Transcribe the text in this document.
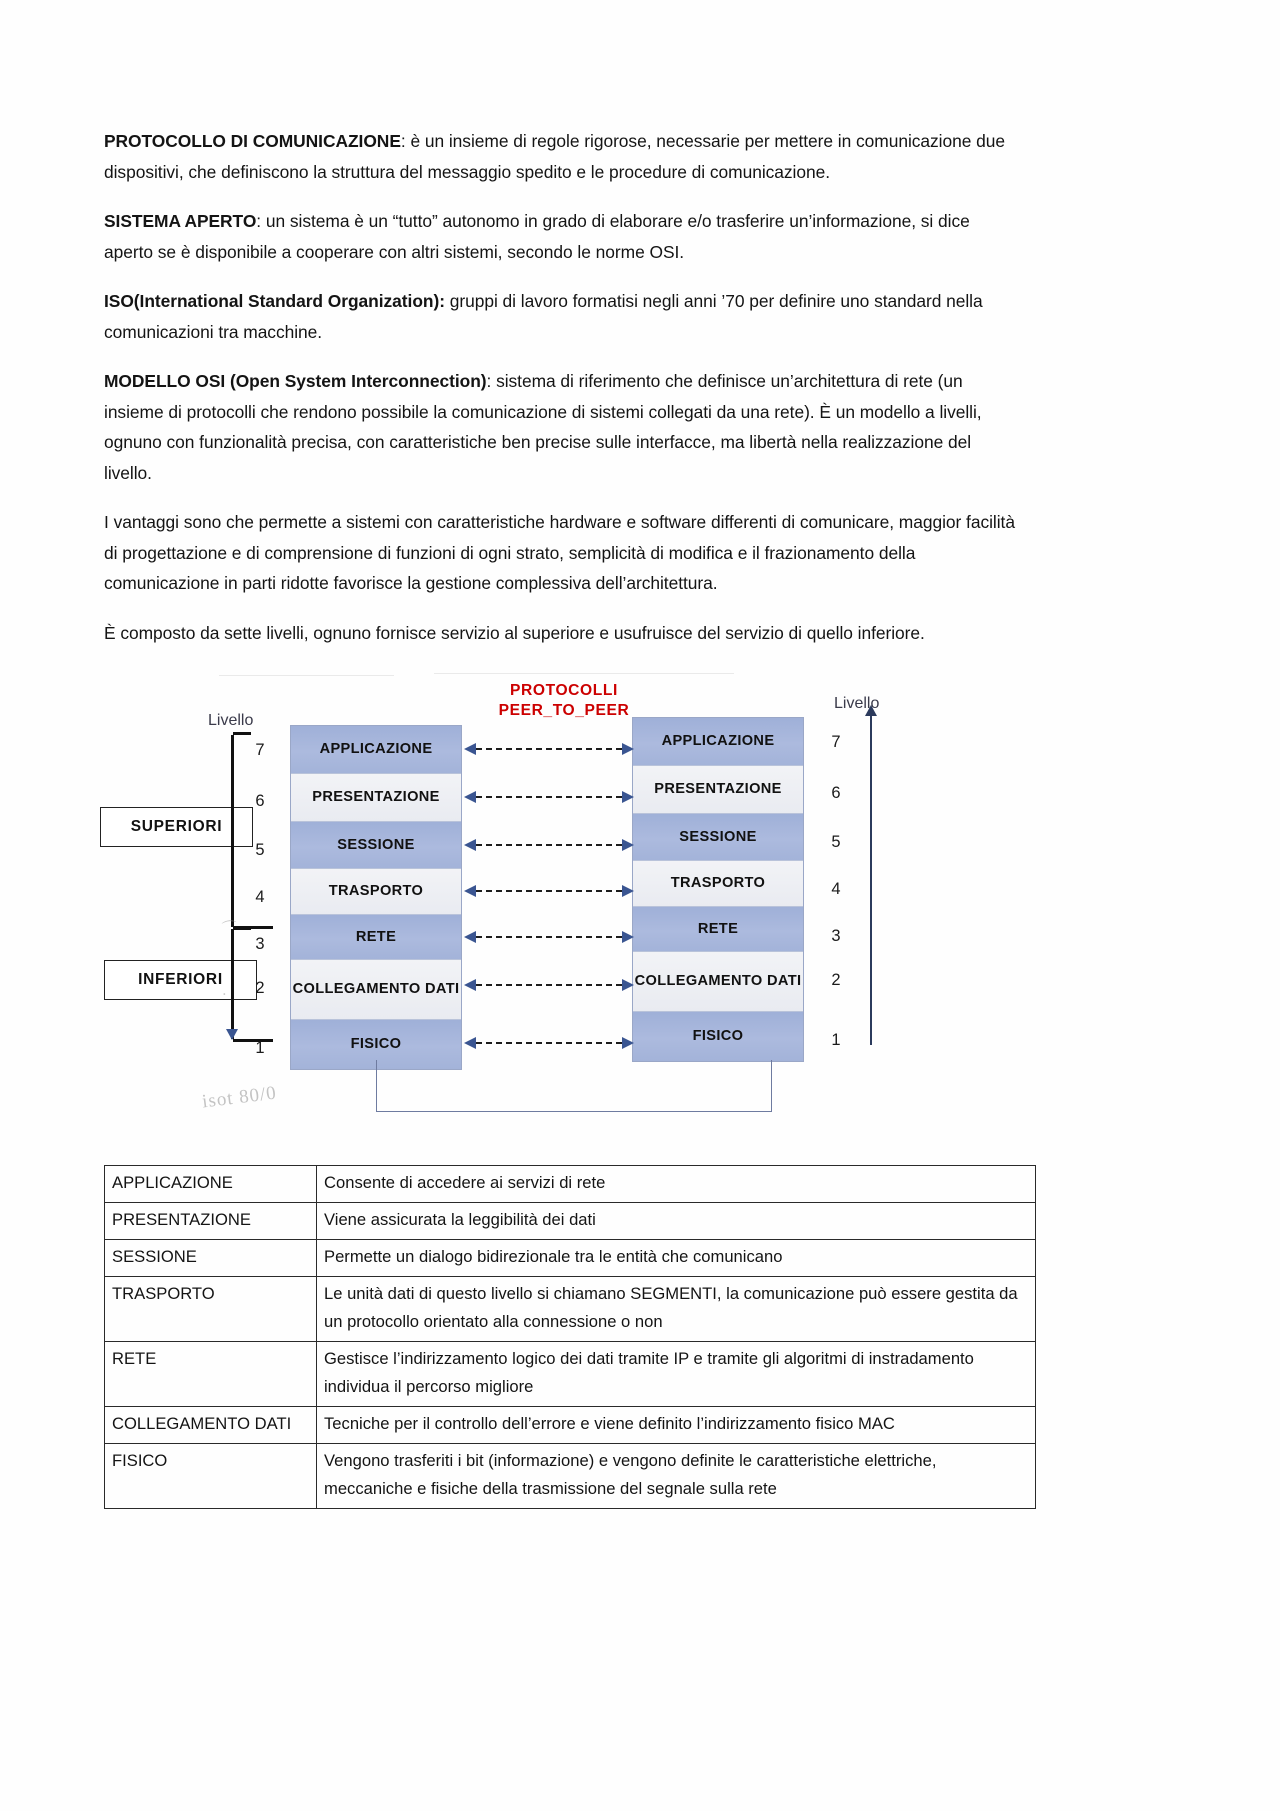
PROTOCOLLO DI COMUNICAZIONE: è un insieme di regole rigorose, necessarie per mettere in comunicazione due dispositivi, che definiscono la struttura del messaggio spedito e le procedure di comunicazione.

SISTEMA APERTO: un sistema è un “tutto” autonomo in grado di elaborare e/o trasferire un’informazione, si dice aperto se è disponibile a cooperare con altri sistemi, secondo le norme OSI.

ISO(International Standard Organization): gruppi di lavoro formatisi negli anni ’70 per definire uno standard nella comunicazioni tra macchine.

MODELLO OSI (Open System Interconnection): sistema di riferimento che definisce un’architettura di rete (un insieme di protocolli che rendono possibile la comunicazione di sistemi collegati da una rete). È un modello a livelli, ognuno con funzionalità precisa, con caratteristiche ben precise sulle interfacce, ma libertà nella realizzazione del livello.

I vantaggi sono che permette a sistemi con caratteristiche hardware e software differenti di comunicare, maggior facilità di progettazione e di comprensione di funzioni di ogni strato, semplicità di modifica e il frazionamento della comunicazione in parti ridotte favorisce la gestione complessiva dell’architettura.

È composto da sette livelli, ognuno fornisce servizio al superiore e usufruisce del servizio di quello inferiore.

PROTOCOLLI
PEER_TO_PEER
Livello
Livello
SUPERIORI
INFERIORI
⌒
·
7
6
5
4
3
2
1
7
6
5
4
3
2
1
APPLICAZIONE
PRESENTAZIONE
SESSIONE
TRASPORTO
RETE
COLLEGAMENTO DATI
FISICO
APPLICAZIONE
PRESENTAZIONE
SESSIONE
TRASPORTO
RETE
COLLEGAMENTO DATI
FISICO
isot 80/0
APPLICAZIONE	Consente di accedere ai servizi di rete
PRESENTAZIONE	Viene assicurata la leggibilità dei dati
SESSIONE	Permette un dialogo bidirezionale tra le entità che comunicano
TRASPORTO	Le unità dati di questo livello si chiamano SEGMENTI, la comunicazione può essere gestita da un protocollo orientato alla connessione o non
RETE	Gestisce l’indirizzamento logico dei dati tramite IP e tramite gli algoritmi di instradamento individua il percorso migliore
COLLEGAMENTO DATI	Tecniche per il controllo dell’errore e viene definito l’indirizzamento fisico MAC
FISICO	Vengono trasferiti i bit (informazione) e vengono definite le caratteristiche elettriche, meccaniche e fisiche della trasmissione del segnale sulla rete
